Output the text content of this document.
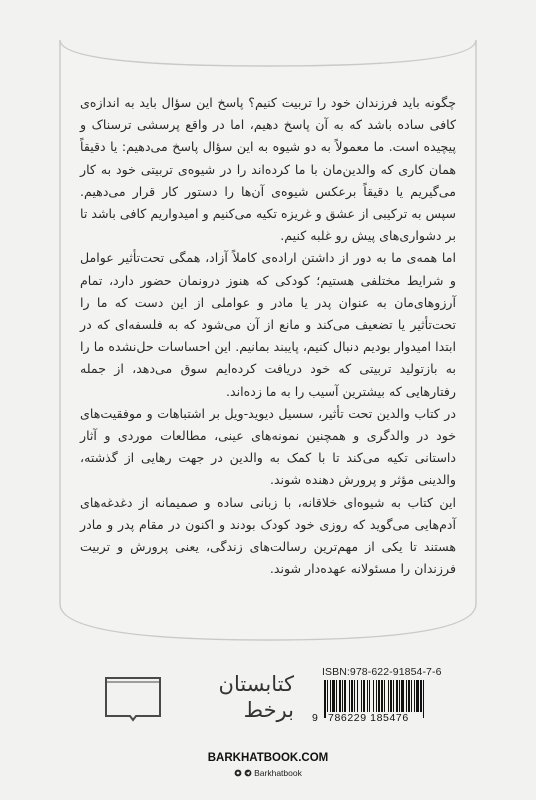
چگونه باید فرزندان خود را تربیت کنیم؟ پاسخ این سؤال باید به اندازه‌ی کافی ساده باشد که به آن پاسخ دهیم، اما در واقع پرسشی ترسناک و پیچیده است. ما معمولاً به دو شیوه به این سؤال پاسخ می‌دهیم: یا دقیقاً همان کاری که والدین‌مان با ما کرده‌اند را در شیوه‌ی تربیتی خود به کار می‌گیریم یا دقیقاً برعکس شیوه‌ی آن‌ها را دستور کار قرار می‌دهیم. سپس به ترکیبی از عشق و غریزه تکیه می‌کنیم و امیدواریم کافی باشد تا بر دشواری‌های پیش رو غلبه کنیم.

اما همه‌ی ما به دور از داشتن اراده‌ی کاملاً آزاد، همگی تحت‌تأثیر عوامل و شرایط مختلفی هستیم؛ کودکی که هنوز درونمان حضور دارد، تمام آرزوهای‌مان به عنوان پدر یا مادر و عواملی از این دست که ما را تحت‌تأثیر یا تضعیف می‌کند و مانع از آن می‌شود که به فلسفه‌ای که در ابتدا امیدوار بودیم دنبال کنیم، پایبند بمانیم. این احساسات حل‌نشده ما را به بازتولید تربیتی که خود دریافت کرده‌ایم سوق می‌دهد، از جمله رفتارهایی که بیشترین آسیب را به ما زده‌اند.

در کتاب والدین تحت تأثیر، سسیل دیوید-ویل بر اشتباهات و موفقیت‌های خود در والدگری و همچنین نمونه‌های عینی، مطالعات موردی و آثار داستانی تکیه می‌کند تا با کمک به والدین در جهت رهایی از گذشته، والدینی مؤثر و پرورش دهنده شوند.

این کتاب به شیوه‌ای خلاقانه، با زبانی ساده و صمیمانه از دغدغه‌های آدم‌هایی می‌گوید که روزی خود کودک بودند و اکنون در مقام پدر و مادر هستند تا یکی از مهم‌ترین رسالت‌های زندگی، یعنی پرورش و تربیت فرزندان را مسئولانه عهده‌دار شوند.

کتابستان
برخط
ISBN:978-622-91854-7-6
9 786229 185476
BARKHATBOOK.COM
Barkhatbook
